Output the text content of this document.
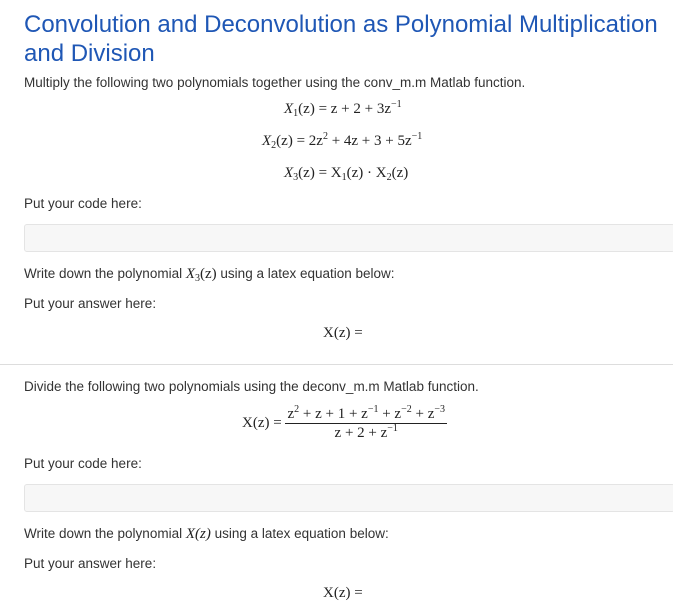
Convolution and Deconvolution as Polynomial Multiplication and Division
Multiply the following two polynomials together using the conv_m.m Matlab function.
$X_1(z) = z + 2 + 3z^{-1}$
$X_2(z) = 2z^2 + 4z + 3 + 5z^{-1}$
$X_3(z) = X_1(z) \cdot X_2(z)$
Put your code here:
Write down the polynomial $X_3(z)$ using a latex equation below:
Put your answer here:
X(z) =
Divide the following two polynomials using the deconv_m.m Matlab function.
$X(z) = \frac{z^2 + z + 1 + z^{-1} + z^{-2} + z^{-3}}{z + 2 + z^{-1}}$
Put your code here:
Write down the polynomial X(z) using a latex equation below:
Put your answer here:
X(z) =
